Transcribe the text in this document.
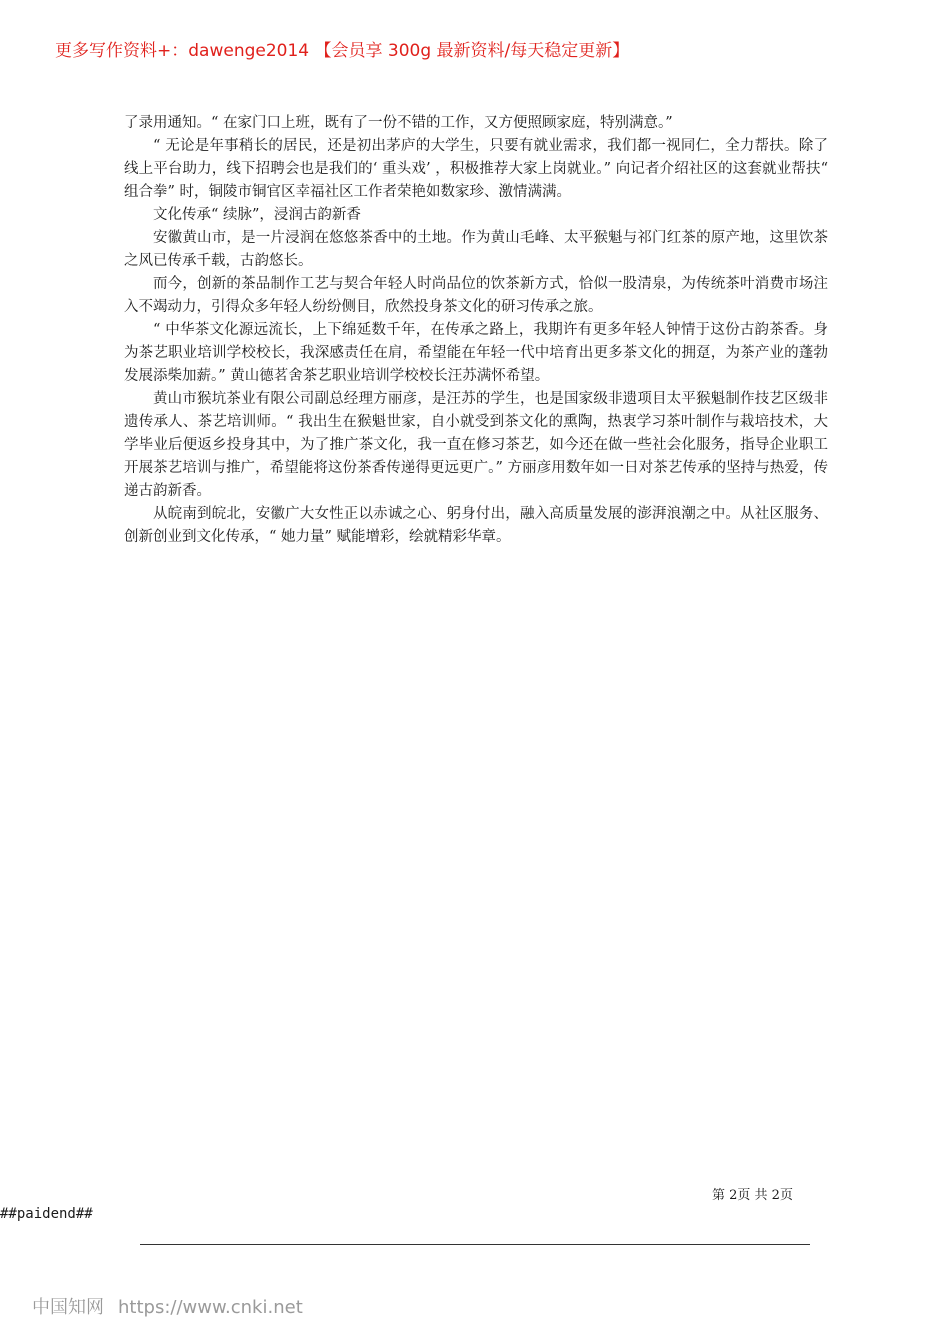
更多写作资料+：dawenge2014 【会员享 300g 最新资料/每天稳定更新】

了录用通知。“ 在家门口上班，既有了一份不错的工作，又方便照顾家庭，特别满意。”

“ 无论是年事稍长的居民，还是初出茅庐的大学生，只要有就业需求，我们都一视同仁，全力帮扶。除了线上平台助力，线下招聘会也是我们的‘ 重头戏’ ，积极推荐大家上岗就业。” 向记者介绍社区的这套就业帮扶“ 组合拳” 时，铜陵市铜官区幸福社区工作者荣艳如数家珍、激情满满。

文化传承“ 续脉”，浸润古韵新香

安徽黄山市，是一片浸润在悠悠茶香中的土地。作为黄山毛峰、太平猴魁与祁门红茶的原产地，这里饮茶之风已传承千载，古韵悠长。

而今，创新的茶品制作工艺与契合年轻人时尚品位的饮茶新方式，恰似一股清泉，为传统茶叶消费市场注入不竭动力，引得众多年轻人纷纷侧目，欣然投身茶文化的研习传承之旅。

“ 中华茶文化源远流长，上下绵延数千年，在传承之路上，我期许有更多年轻人钟情于这份古韵茶香。身为茶艺职业培训学校校长，我深感责任在肩，希望能在年轻一代中培育出更多茶文化的拥趸，为茶产业的蓬勃发展添柴加薪。” 黄山德茗舍茶艺职业培训学校校长汪苏满怀希望。

黄山市猴坑茶业有限公司副总经理方丽彦，是汪苏的学生，也是国家级非遗项目太平猴魁制作技艺区级非遗传承人、茶艺培训师。“ 我出生在猴魁世家，自小就受到茶文化的熏陶，热衷学习茶叶制作与栽培技术，大学毕业后便返乡投身其中，为了推广茶文化，我一直在修习茶艺，如今还在做一些社会化服务，指导企业职工开展茶艺培训与推广，希望能将这份茶香传递得更远更广。” 方丽彦用数年如一日对茶艺传承的坚持与热爱，传递古韵新香。

从皖南到皖北，安徽广大女性正以赤诚之心、躬身付出，融入高质量发展的澎湃浪潮之中。从社区服务、创新创业到文化传承，“ 她力量” 赋能增彩，绘就精彩华章。

第 2页 共 2页
##paidend##
中国知网 https://www.cnki.net
